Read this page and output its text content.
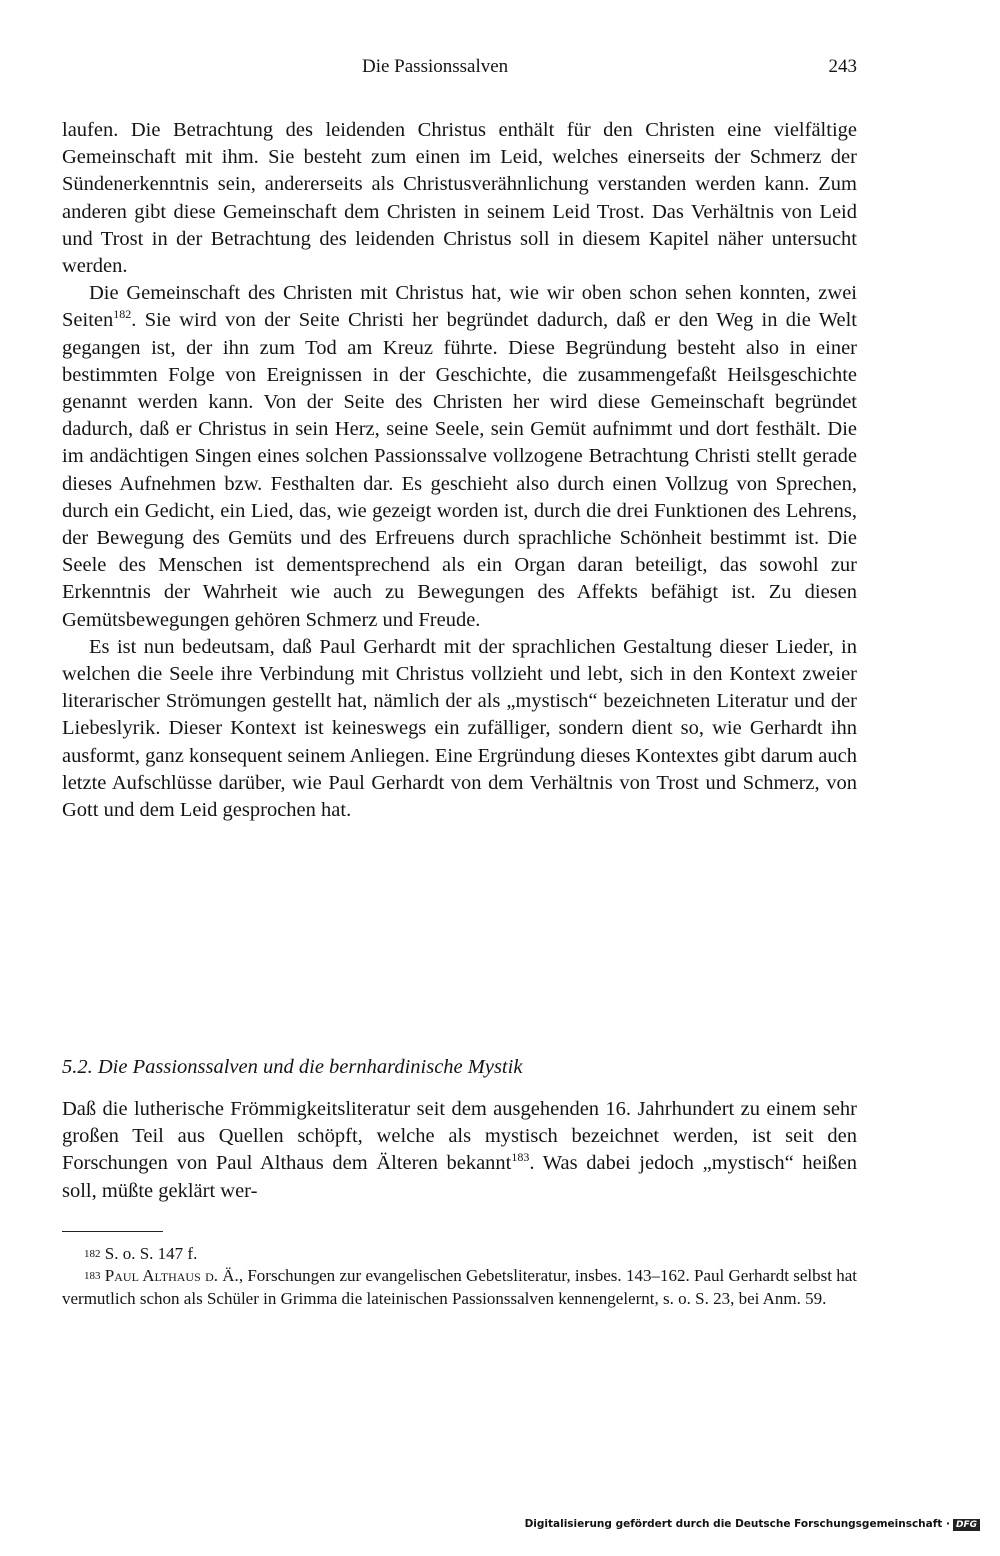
Die Passionssalven	243

laufen. Die Betrachtung des leidenden Christus enthält für den Christen eine vielfältige Gemeinschaft mit ihm. Sie besteht zum einen im Leid, welches einerseits der Schmerz der Sündenerkenntnis sein, andererseits als Christusverähnlichung verstanden werden kann. Zum anderen gibt diese Gemeinschaft dem Christen in seinem Leid Trost. Das Verhältnis von Leid und Trost in der Betrachtung des leidenden Christus soll in diesem Kapitel näher untersucht werden.

Die Gemeinschaft des Christen mit Christus hat, wie wir oben schon sehen konnten, zwei Seiten$^{182}$. Sie wird von der Seite Christi her begründet dadurch, daß er den Weg in die Welt gegangen ist, der ihn zum Tod am Kreuz führte. Diese Begründung besteht also in einer bestimmten Folge von Ereignissen in der Geschichte, die zusammengefaßt Heilsgeschichte genannt werden kann. Von der Seite des Christen her wird diese Gemeinschaft begründet dadurch, daß er Christus in sein Herz, seine Seele, sein Gemüt aufnimmt und dort festhält. Die im andächtigen Singen eines solchen Passionssalve vollzogene Betrachtung Christi stellt gerade dieses Aufnehmen bzw. Festhalten dar. Es geschieht also durch einen Vollzug von Sprechen, durch ein Gedicht, ein Lied, das, wie gezeigt worden ist, durch die drei Funktionen des Lehrens, der Bewegung des Gemüts und des Erfreuens durch sprachliche Schönheit bestimmt ist. Die Seele des Menschen ist dementsprechend als ein Organ daran beteiligt, das sowohl zur Erkenntnis der Wahrheit wie auch zu Bewegungen des Affekts befähigt ist. Zu diesen Gemütsbewegungen gehören Schmerz und Freude.

Es ist nun bedeutsam, daß Paul Gerhardt mit der sprachlichen Gestaltung dieser Lieder, in welchen die Seele ihre Verbindung mit Christus vollzieht und lebt, sich in den Kontext zweier literarischer Strömungen gestellt hat, nämlich der als „mystisch“ bezeichneten Literatur und der Liebeslyrik. Dieser Kontext ist keineswegs ein zufälliger, sondern dient so, wie Gerhardt ihn ausformt, ganz konsequent seinem Anliegen. Eine Ergründung dieses Kontextes gibt darum auch letzte Aufschlüsse darüber, wie Paul Gerhardt von dem Verhältnis von Trost und Schmerz, von Gott und dem Leid gesprochen hat.

5.2. Die Passionssalven und die bernhardinische Mystik

Daß die lutherische Frömmigkeitsliteratur seit dem ausgehenden 16. Jahrhundert zu einem sehr großen Teil aus Quellen schöpft, welche als mystisch bezeichnet werden, ist seit den Forschungen von Paul Althaus dem Älteren bekannt$^{183}$. Was dabei jedoch „mystisch“ heißen soll, müßte geklärt wer-

$^{182}$ S. o. S. 147 f.

$^{183}$ Paul Althaus d. Ä., Forschungen zur evangelischen Gebetsliteratur, insbes. 143–162. Paul Gerhardt selbst hat vermutlich schon als Schüler in Grimma die lateinischen Passionssalven kennengelernt, s. o. S. 23, bei Anm. 59.

Digitalisierung gefördert durch die Deutsche Forschungsgemeinschaft · DFG
